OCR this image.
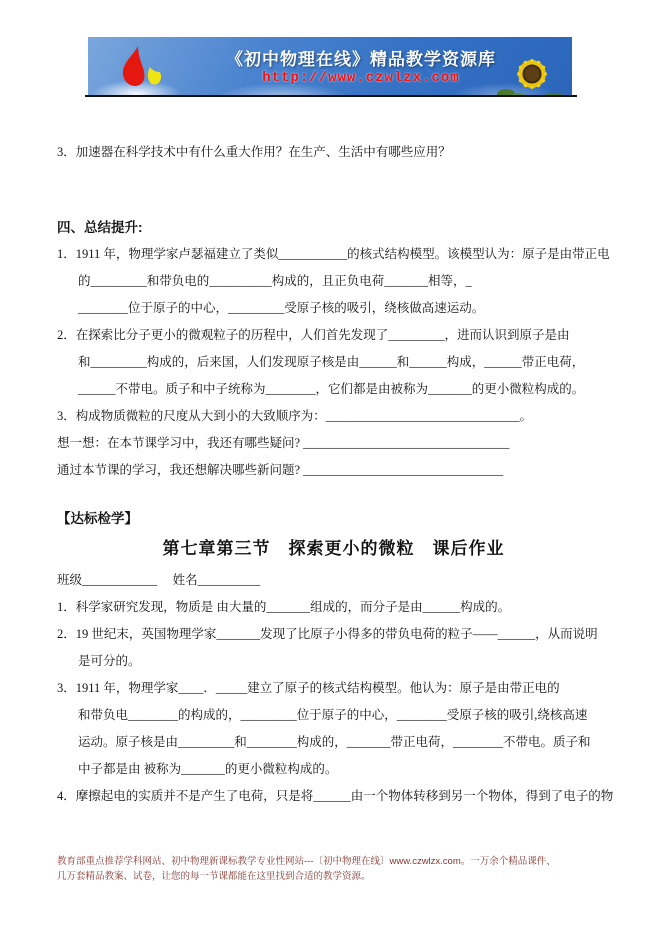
《初中物理在线》精品教学资源库
http://www.czwlzx.com
3．加速器在科学技术中有什么重大作用？在生产、生活中有哪些应用？
四、总结提升:
1．1911 年，物理学家卢瑟福建立了类似___________的核式结构模型。该模型认为：原子是由带正电
的_________和带负电的__________构成的，且正负电荷_______相等，_
________位于原子的中心，_________受原子核的吸引，绕核做高速运动。
2．在探索比分子更小的微观粒子的历程中，人们首先发现了_________，进而认识到原子是由
和_________构成的，后来国，人们发现原子核是由______和______构成，______带正电荷，
______不带电。质子和中子统称为________，它们都是由被称为_______的更小微粒构成的。
3．构成物质微粒的尺度从大到小的大致顺序为：_______________________________。
想一想：在本节课学习中，我还有哪些疑问? _________________________________
通过本节课的学习，我还想解决哪些新问题? ________________________________
【达标检学】
第七章第三节　探索更小的微粒　课后作业
班级____________　 姓名__________
1．科学家研究发现，物质是 由大量的_______组成的，而分子是由______构成的。
2．19 世纪末，英国物理学家_______发现了比原子小得多的带负电荷的粒子——______，从而说明
是可分的。
3．1911 年，物理学家____．_____建立了原子的核式结构模型。他认为：原子是由带正电的
和带负电________的构成的，_________位于原子的中心，________受原子核的吸引,绕核高速
运动。原子核是由_________和________构成的，_______带正电荷，________不带电。质子和
中子都是由 被称为_______的更小微粒构成的。
4．摩擦起电的实质并不是产生了电荷，只是将______由一个物体转移到另一个物体，得到了电子的物
教育部重点推荐学科网站、初中物理新课标教学专业性网站---〔初中物理在线〕www.czwlzx.com。一万余个精品课件、
几万套精品教案、试卷，让您的每一节课都能在这里找到合适的教学资源。
